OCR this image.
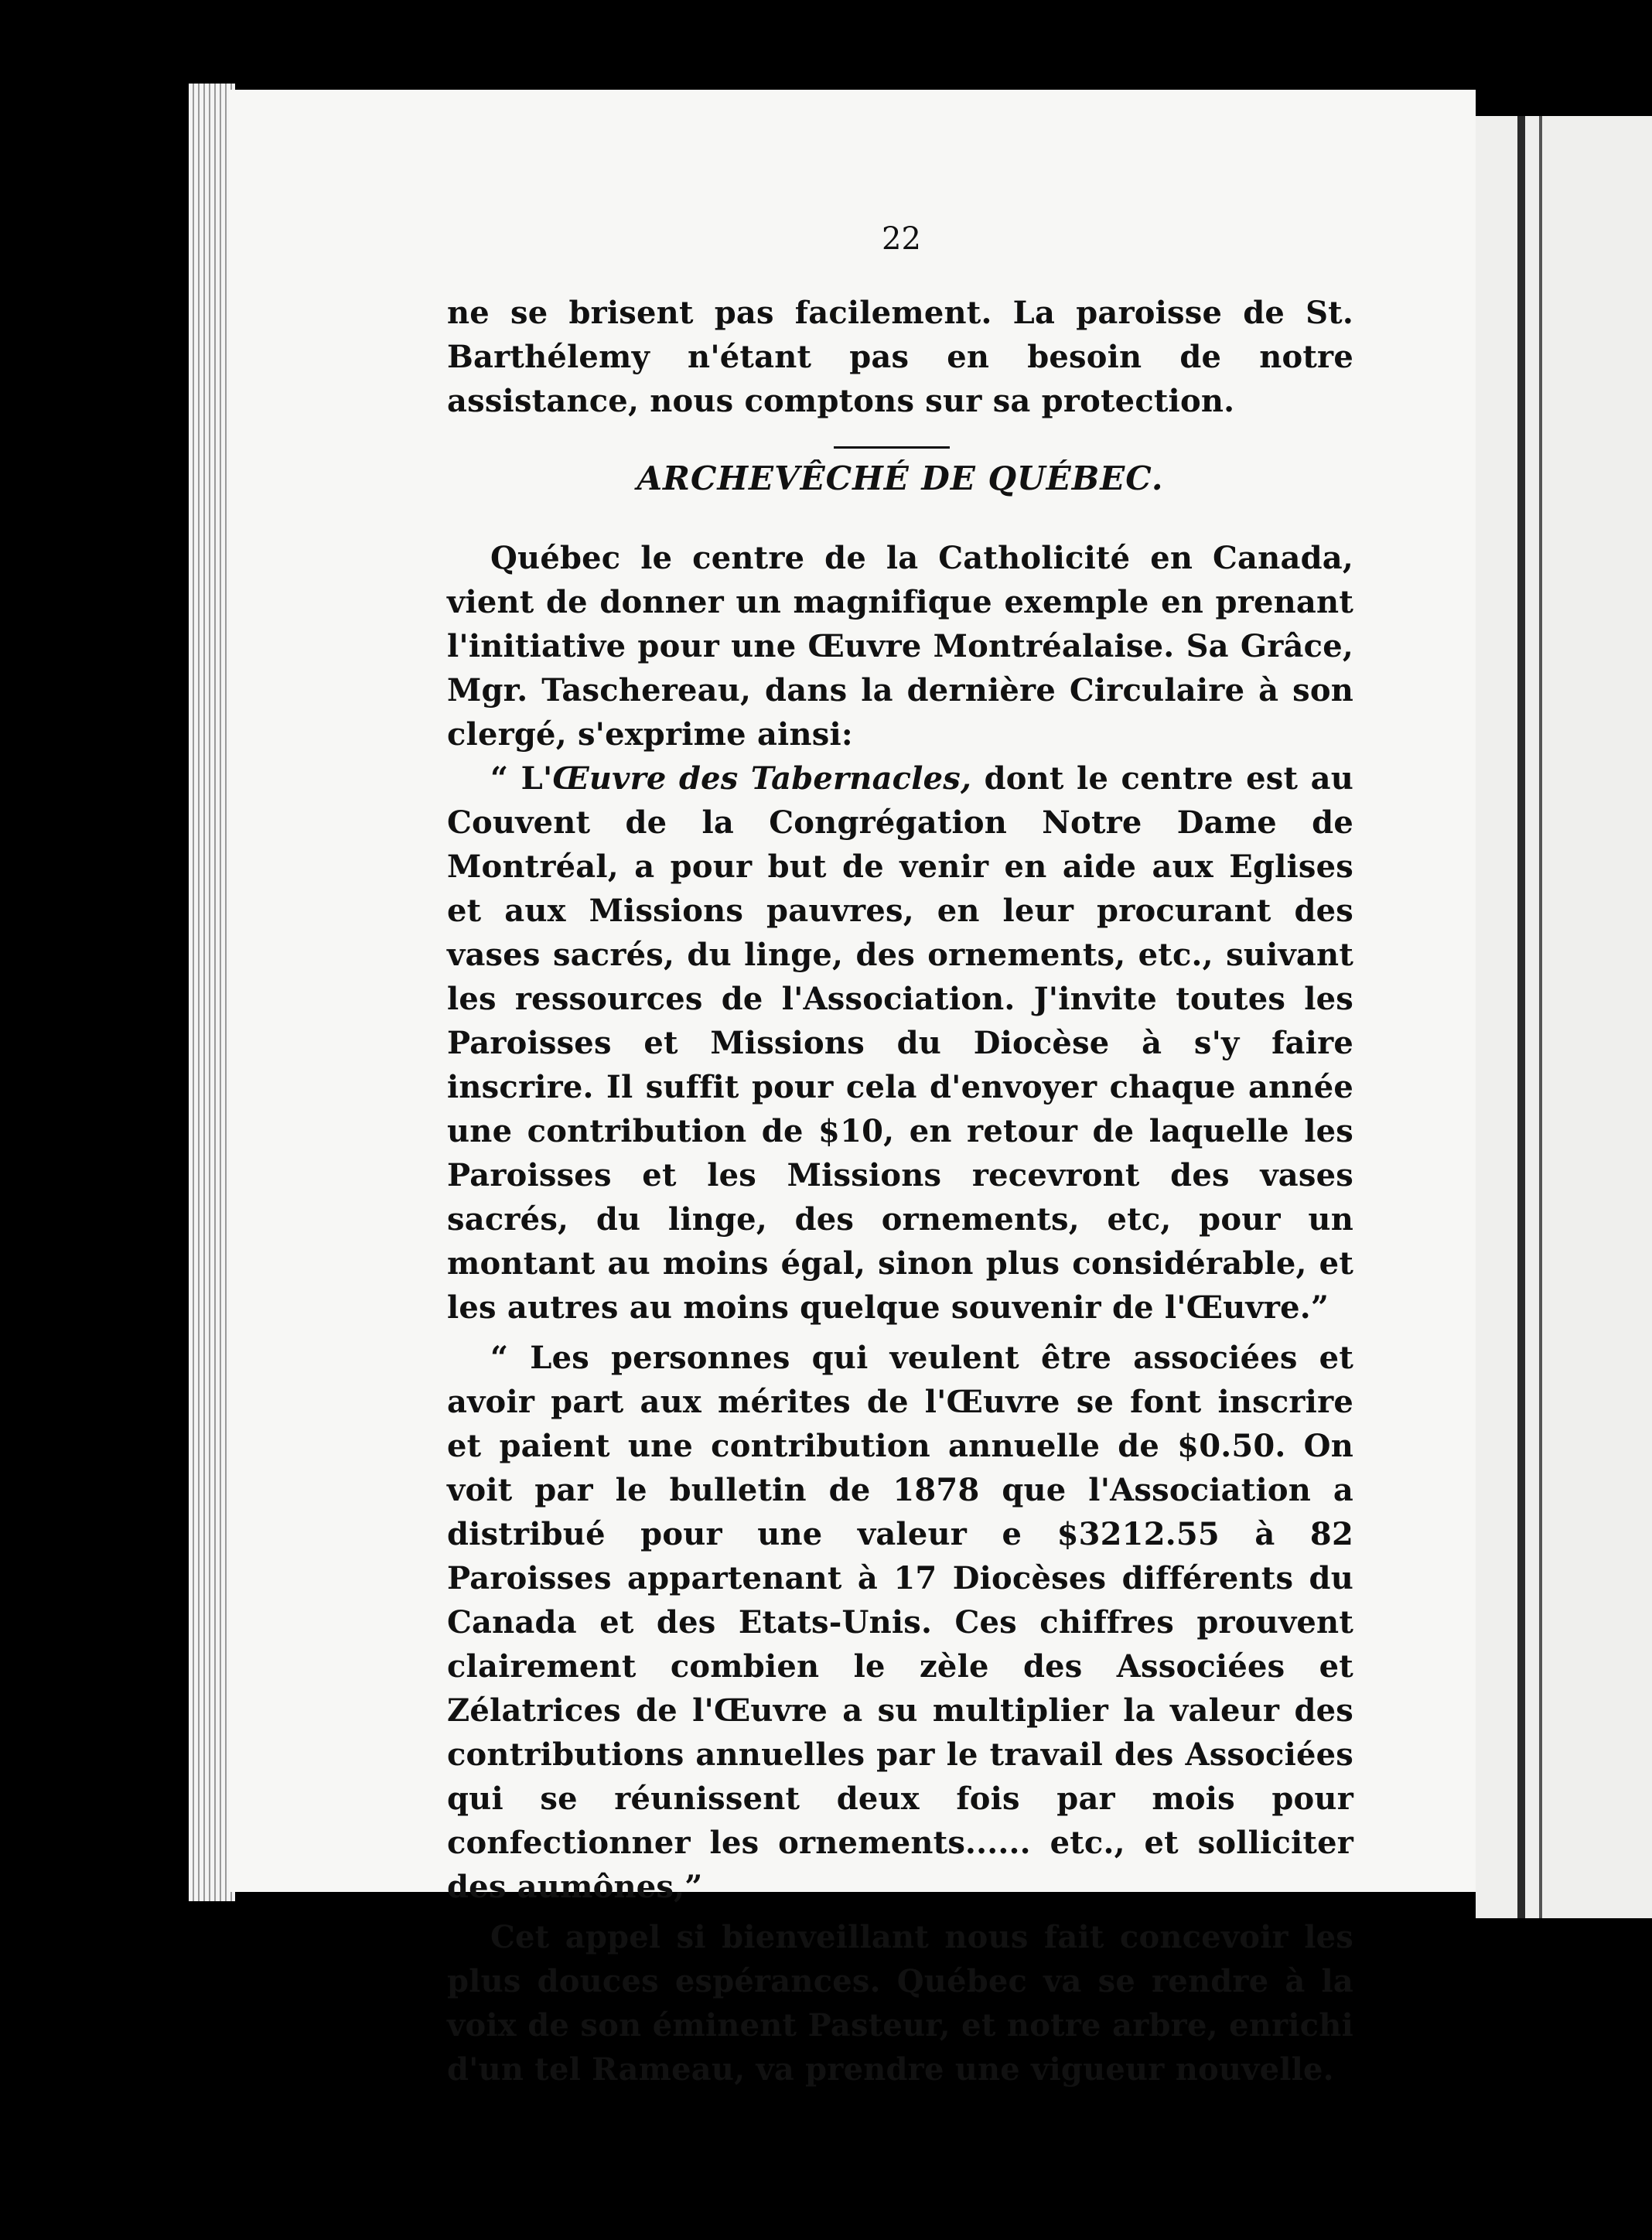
22

ne se brisent pas facilement. La paroisse de St. Barthélemy n'étant pas en besoin de notre assistance, nous comptons sur sa protection.

ARCHEVÊCHÉ DE QUÉBEC.

Québec le centre de la Catholicité en Canada, vient de donner un magnifique exemple en prenant l'initiative pour une Œuvre Montréalaise. Sa Grâce, Mgr. Taschereau, dans la dernière Circulaire à son clergé, s'exprime ainsi:

“ L'Œuvre des Tabernacles, dont le centre est au Couvent de la Congrégation Notre Dame de Montréal, a pour but de venir en aide aux Eglises et aux Missions pauvres, en leur procurant des vases sacrés, du linge, des ornements, etc., suivant les ressources de l'Association. J'invite toutes les Paroisses et Missions du Diocèse à s'y faire inscrire. Il suffit pour cela d'envoyer chaque année une contribution de $10, en retour de laquelle les Paroisses et les Missions recevront des vases sacrés, du linge, des ornements, etc, pour un montant au moins égal, sinon plus considérable, et les autres au moins quelque souvenir de l'Œuvre.”

“ Les personnes qui veulent être associées et avoir part aux mérites de l'Œuvre se font inscrire et paient une contribution annuelle de $0.50. On voit par le bulletin de 1878 que l'Association a distribué pour une valeur e $3212.55 à 82 Paroisses appartenant à 17 Diocèses différents du Canada et des Etats-Unis. Ces chiffres prouvent clairement combien le zèle des Associées et Zélatrices de l'Œuvre a su multiplier la valeur des contributions annuelles par le travail des Associées qui se réunissent deux fois par mois pour confectionner les ornements...... etc., et solliciter des aumônes,”

Cet appel si bienveillant nous fait concevoir les plus douces espérances. Québec va se rendre à la voix de son éminent Pasteur, et notre arbre, enrichi d'un tel Rameau, va prendre une vigueur nouvelle.
